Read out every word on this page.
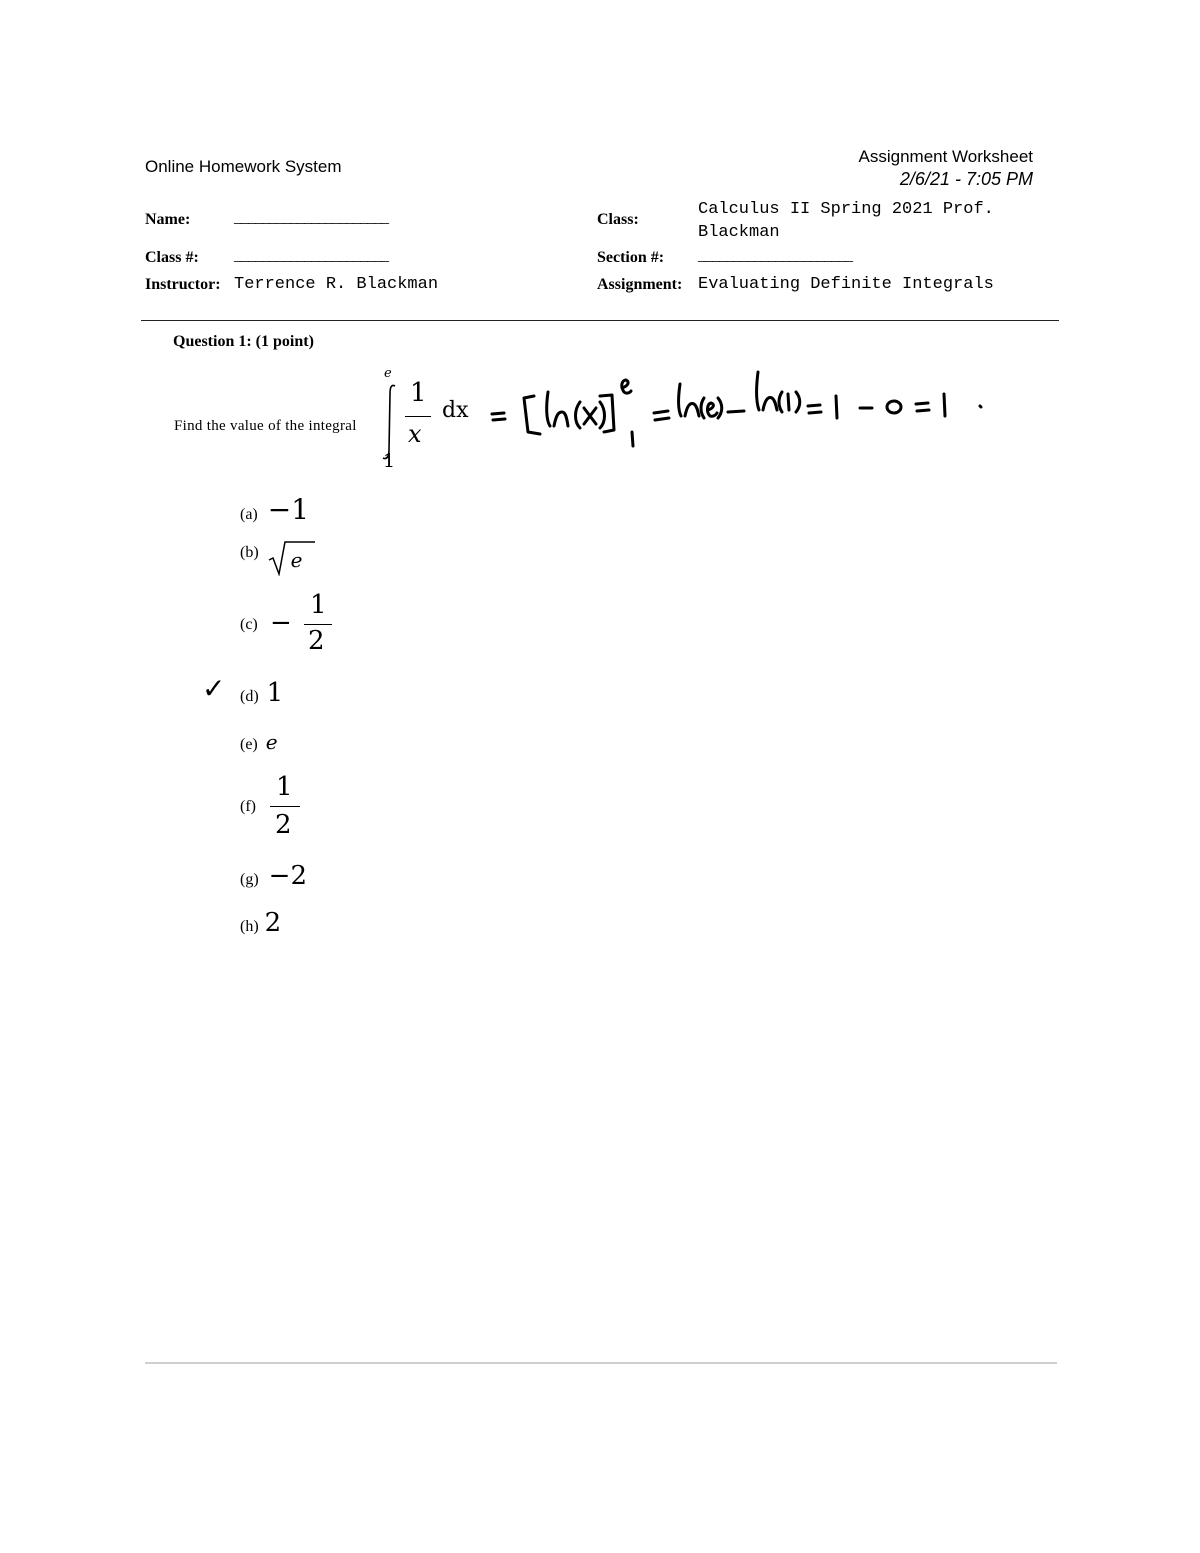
Online Homework System
Assignment Worksheet
2/6/21 - 7:05 PM
Name:	______________________
Class #: ______________________
Instructor: Terrence R. Blackman
Class:
Calculus II Spring 2021 Prof.
Blackman
Section #: ______________________
Assignment: Evaluating Definite Integrals
Question 1: (1 point)
Find the value of the integral
e
1
1
x
dx
(a) −1
(b) e
(c) −
1
2
✓ (d) 1
(e) e
(f)
1
2
(g) −2
(h) 2
